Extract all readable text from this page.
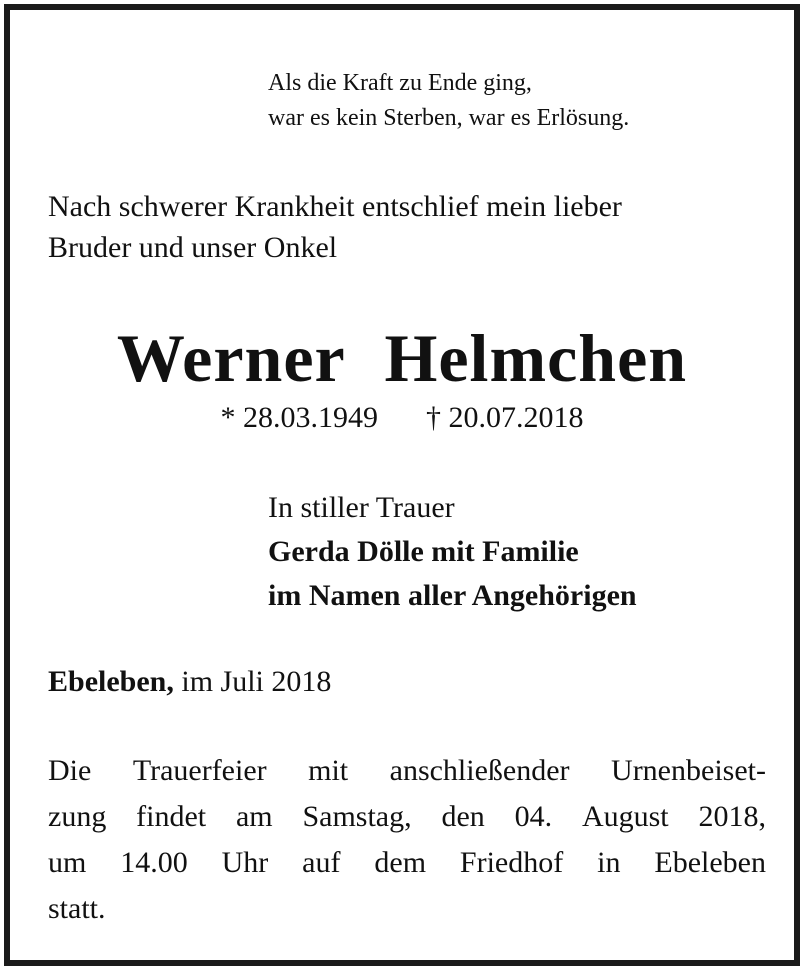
Als die Kraft zu Ende ging,
war es kein Sterben, war es Erlösung.
Nach schwerer Krankheit entschlief mein lieber
Bruder und unser Onkel
Werner Helmchen
* 28.03.1949 † 20.07.2018
In stiller Trauer
Gerda Dölle mit Familie
im Namen aller Angehörigen
Ebeleben, im Juli 2018
Die Trauerfeier mit anschließender Urnenbeiset-
zung findet am Samstag, den 04. August 2018,
um 14.00 Uhr auf dem Friedhof in Ebeleben
statt.
